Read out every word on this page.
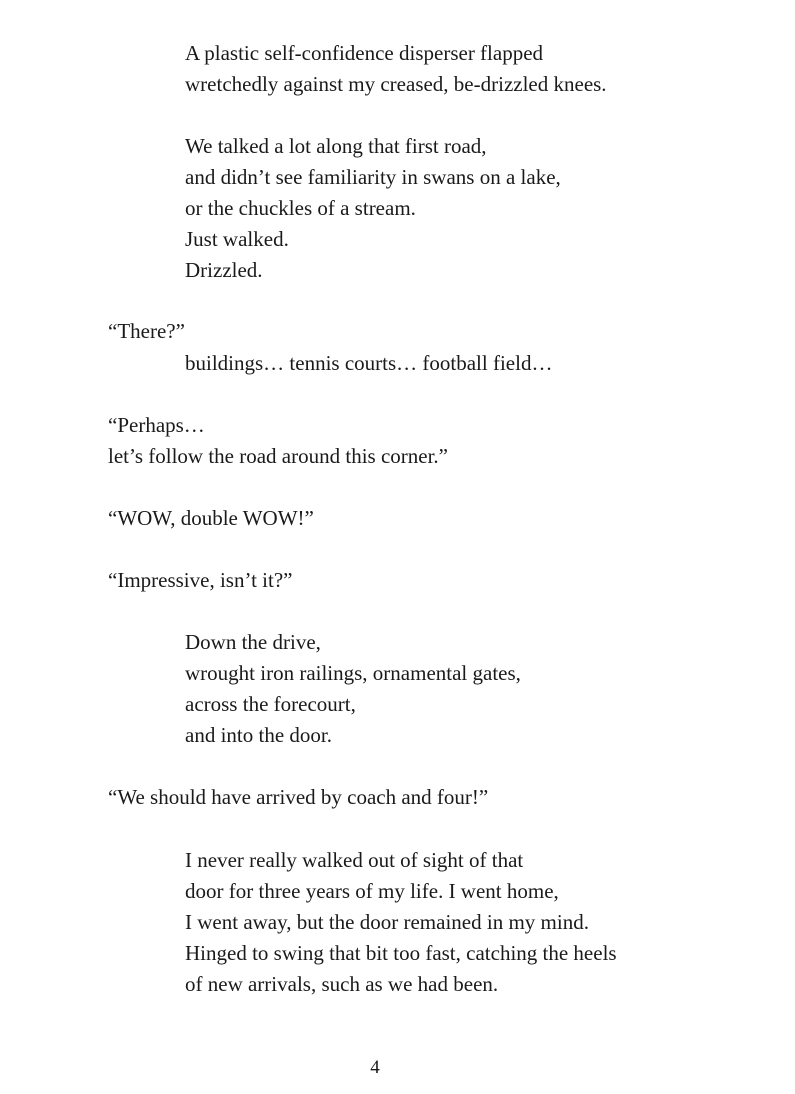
A plastic self-confidence disperser flapped
wretchedly against my creased, be-drizzled knees.
We talked a lot along that first road,
and didn’t see familiarity in swans on a lake,
or the chuckles of a stream.
Just walked.
Drizzled.
“There?”
buildings… tennis courts… football field…
“Perhaps…
let’s follow the road around this corner.”
“WOW, double WOW!”
“Impressive, isn’t it?”
Down the drive,
wrought iron railings, ornamental gates,
across the forecourt,
and into the door.
“We should have arrived by coach and four!”
I never really walked out of sight of that
door for three years of my life. I went home,
I went away, but the door remained in my mind.
Hinged to swing that bit too fast, catching the heels
of new arrivals, such as we had been.
4
